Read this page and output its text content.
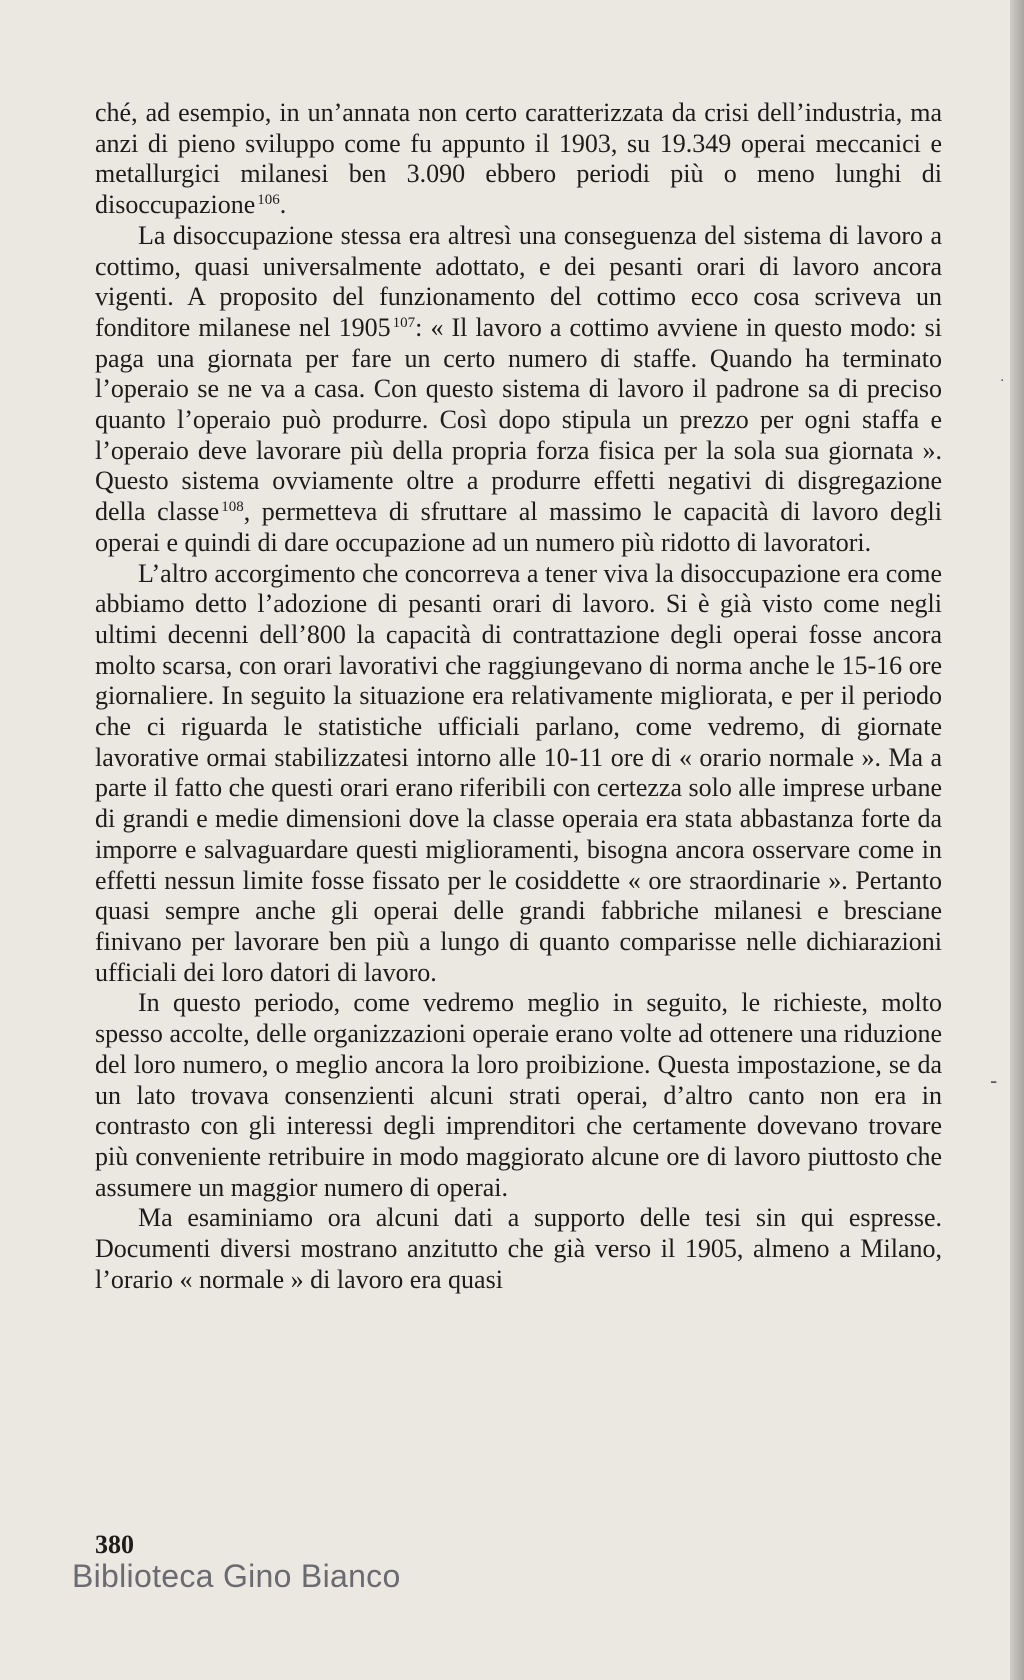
ché, ad esempio, in un’annata non certo caratterizzata da crisi dell’industria, ma anzi di pieno sviluppo come fu appunto il 1903, su 19.349 operai meccanici e metallurgici milanesi ben 3.090 ebbero periodi più o meno lunghi di disoccupazione $^{106}$.

La disoccupazione stessa era altresì una conseguenza del sistema di lavoro a cottimo, quasi universalmente adottato, e dei pesanti orari di lavoro ancora vigenti. A proposito del funzionamento del cottimo ecco cosa scriveva un fonditore milanese nel 1905 $^{107}$: « Il lavoro a cottimo avviene in questo modo: si paga una giornata per fare un certo numero di staffe. Quando ha terminato l’operaio se ne va a casa. Con questo sistema di lavoro il padrone sa di preciso quanto l’operaio può produrre. Così dopo stipula un prezzo per ogni staffa e l’operaio deve lavorare più della propria forza fisica per la sola sua giornata ». Questo sistema ovviamente oltre a produrre effetti negativi di disgregazione della classe $^{108}$, permetteva di sfruttare al massimo le capacità di lavoro degli operai e quindi di dare occupazione ad un numero più ridotto di lavoratori.

L’altro accorgimento che concorreva a tener viva la disoccupazione era come abbiamo detto l’adozione di pesanti orari di lavoro. Si è già visto come negli ultimi decenni dell’800 la capacità di contrattazione degli operai fosse ancora molto scarsa, con orari lavorativi che raggiungevano di norma anche le 15-16 ore giornaliere. In seguito la situazione era relativamente migliorata, e per il periodo che ci riguarda le statistiche ufficiali parlano, come vedremo, di giornate lavorative ormai stabilizzatesi intorno alle 10-11 ore di « orario normale ». Ma a parte il fatto che questi orari erano riferibili con certezza solo alle imprese urbane di grandi e medie dimensioni dove la classe operaia era stata abbastanza forte da imporre e salvaguardare questi miglioramenti, bisogna ancora osservare come in effetti nessun limite fosse fissato per le cosiddette « ore straordinarie ». Pertanto quasi sempre anche gli operai delle grandi fabbriche milanesi e bresciane finivano per lavorare ben più a lungo di quanto comparisse nelle dichiarazioni ufficiali dei loro datori di lavoro.

In questo periodo, come vedremo meglio in seguito, le richieste, molto spesso accolte, delle organizzazioni operaie erano volte ad ottenere una riduzione del loro numero, o meglio ancora la loro proibizione. Questa impostazione, se da un lato trovava consenzienti alcuni strati operai, d’altro canto non era in contrasto con gli interessi degli imprenditori che certamente dovevano trovare più conveniente retribuire in modo maggiorato alcune ore di lavoro piuttosto che assumere un maggior numero di operai.

Ma esaminiamo ora alcuni dati a supporto delle tesi sin qui espresse. Documenti diversi mostrano anzitutto che già verso il 1905, almeno a Milano, l’orario « normale » di lavoro era quasi

380
Biblioteca Gino Bianco
.
-
